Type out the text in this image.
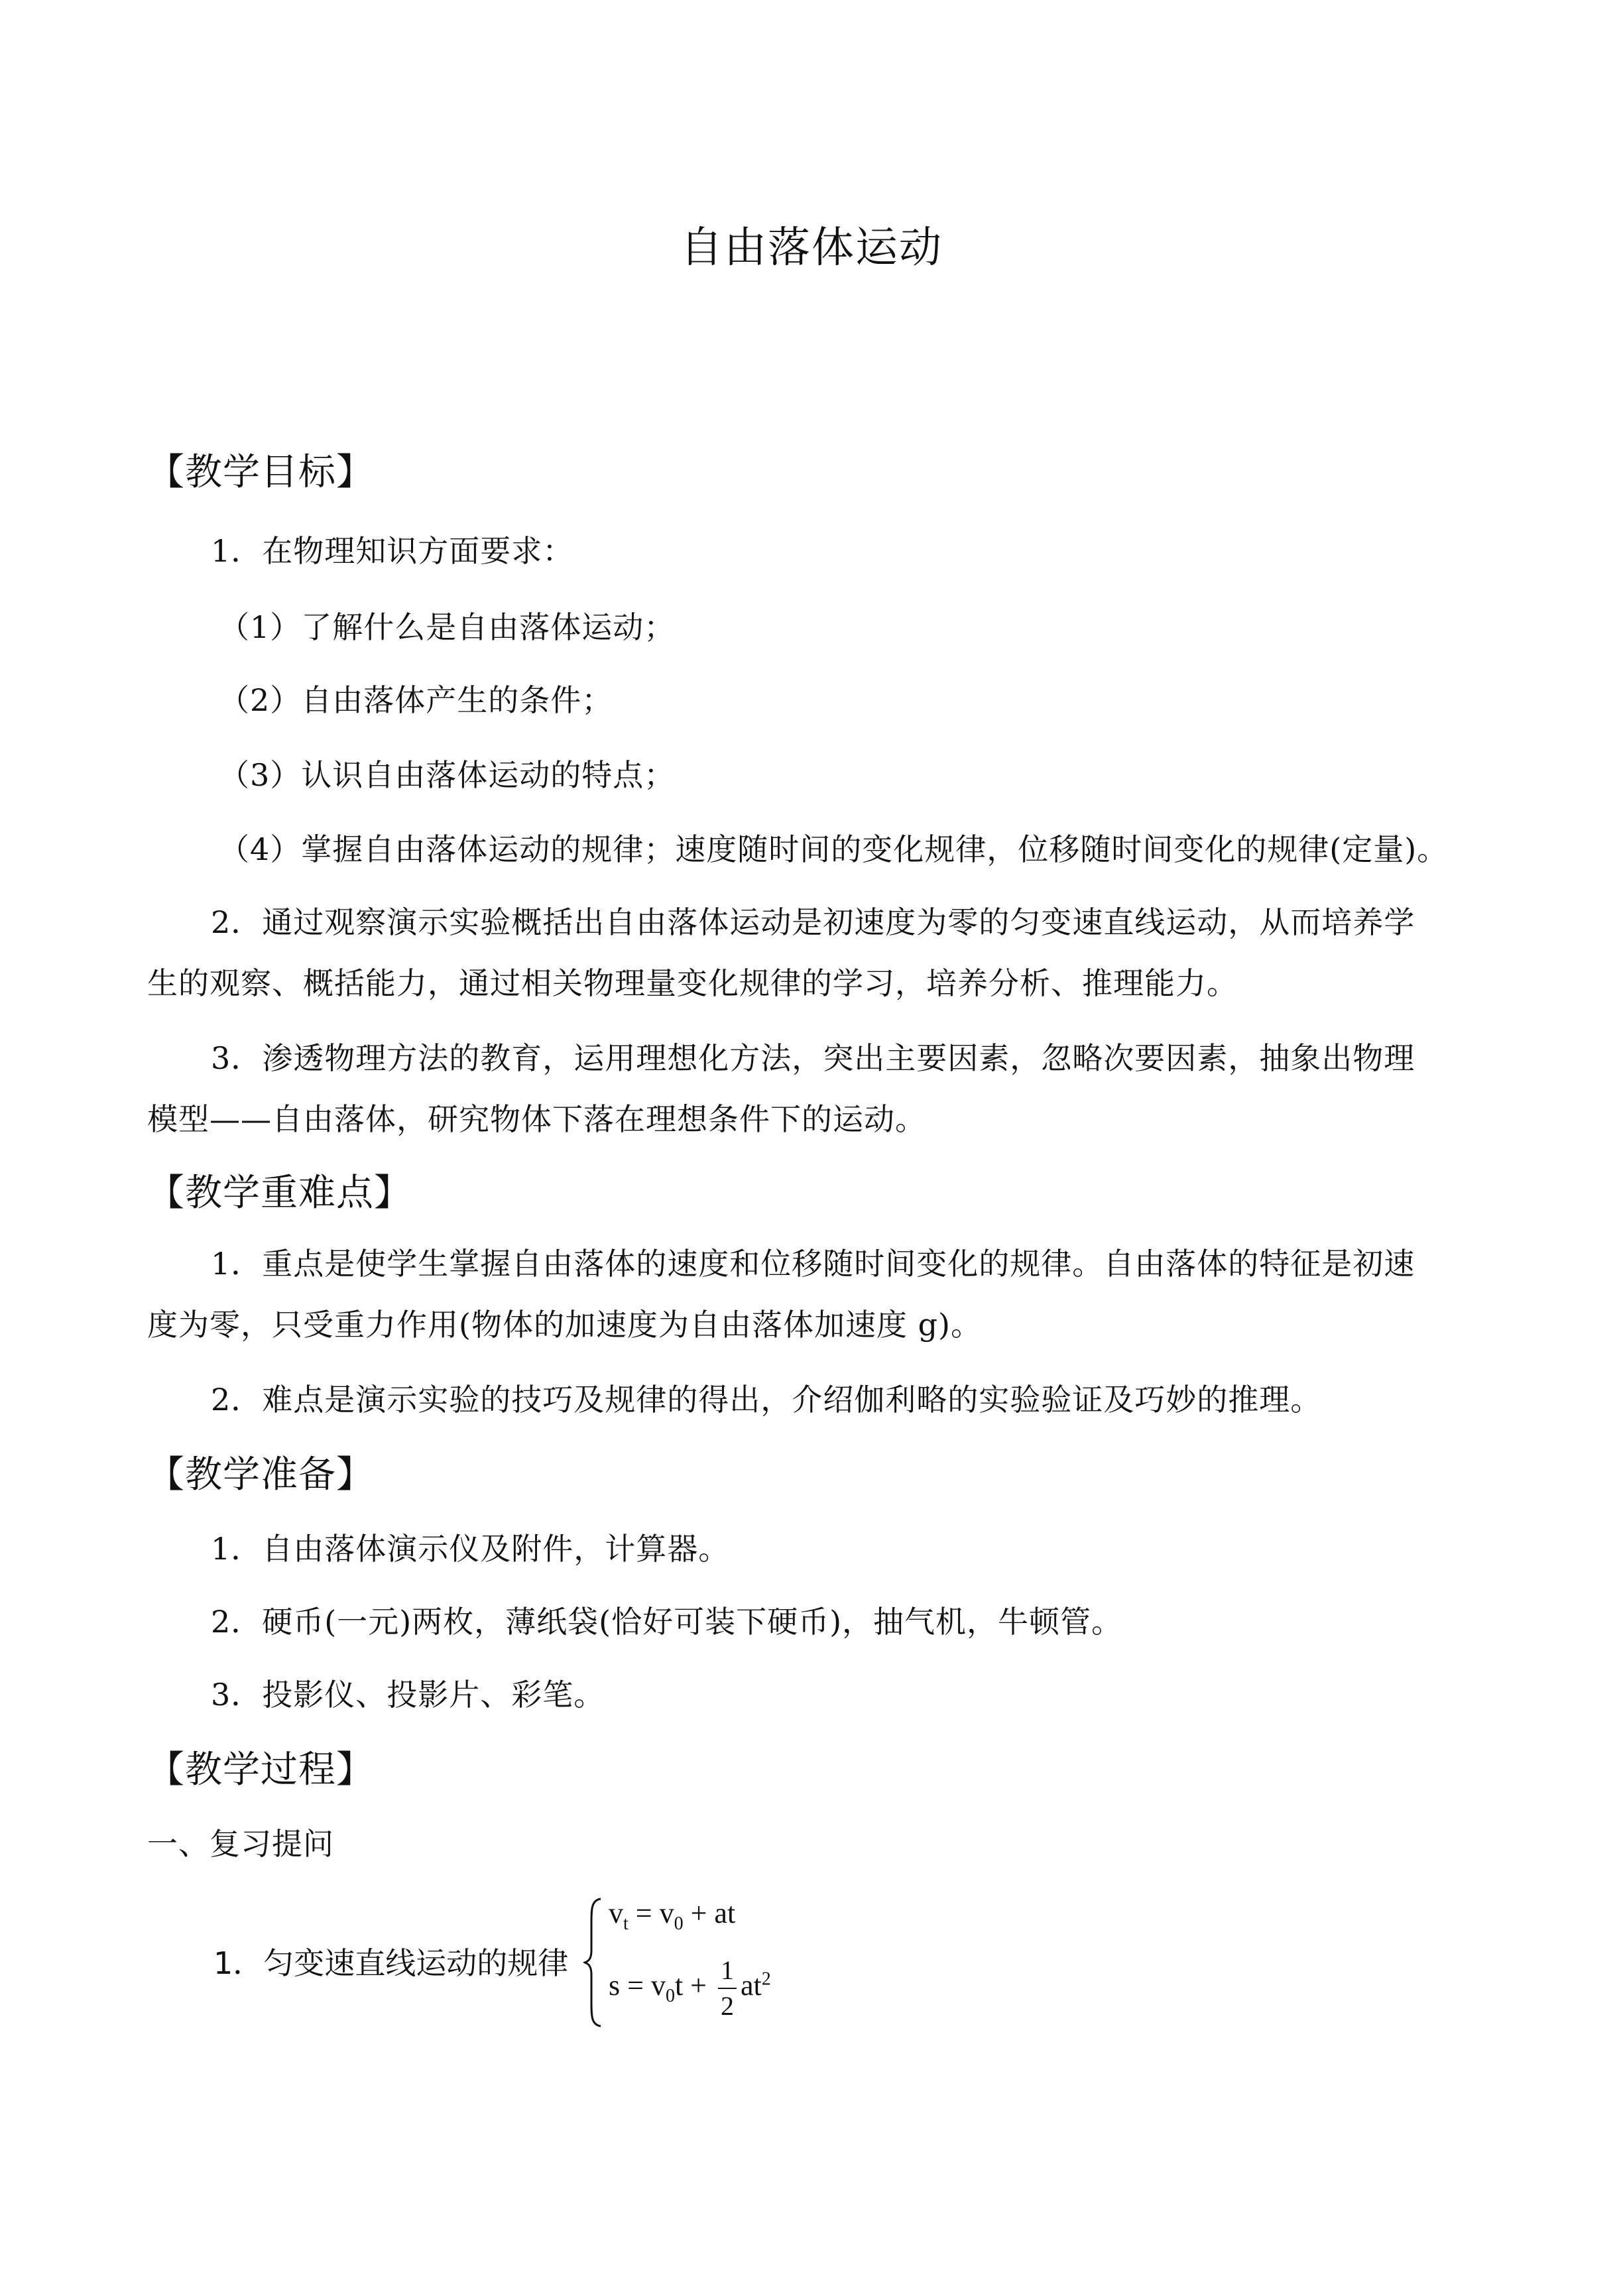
自由落体运动
【教学目标】
1．在物理知识方面要求：
（1）了解什么是自由落体运动；
（2）自由落体产生的条件；
（3）认识自由落体运动的特点；
（4）掌握自由落体运动的规律；速度随时间的变化规律，位移随时间变化的规律(定量)。
2．通过观察演示实验概括出自由落体运动是初速度为零的匀变速直线运动，从而培养学
生的观察、概括能力，通过相关物理量变化规律的学习，培养分析、推理能力。
3．渗透物理方法的教育，运用理想化方法，突出主要因素，忽略次要因素，抽象出物理
模型——自由落体，研究物体下落在理想条件下的运动。
【教学重难点】
1．重点是使学生掌握自由落体的速度和位移随时间变化的规律。自由落体的特征是初速
度为零，只受重力作用(物体的加速度为自由落体加速度 g)。
2．难点是演示实验的技巧及规律的得出，介绍伽利略的实验验证及巧妙的推理。
【教学准备】
1．自由落体演示仪及附件，计算器。
2．硬币(一元)两枚，薄纸袋(恰好可装下硬币)，抽气机，牛顿管。
3．投影仪、投影片、彩笔。
【教学过程】
一、复习提问
1．匀变速直线运动的规律
$v_t = v_0$ + at
$s = v_0t + \frac{1}{2} at^2$
